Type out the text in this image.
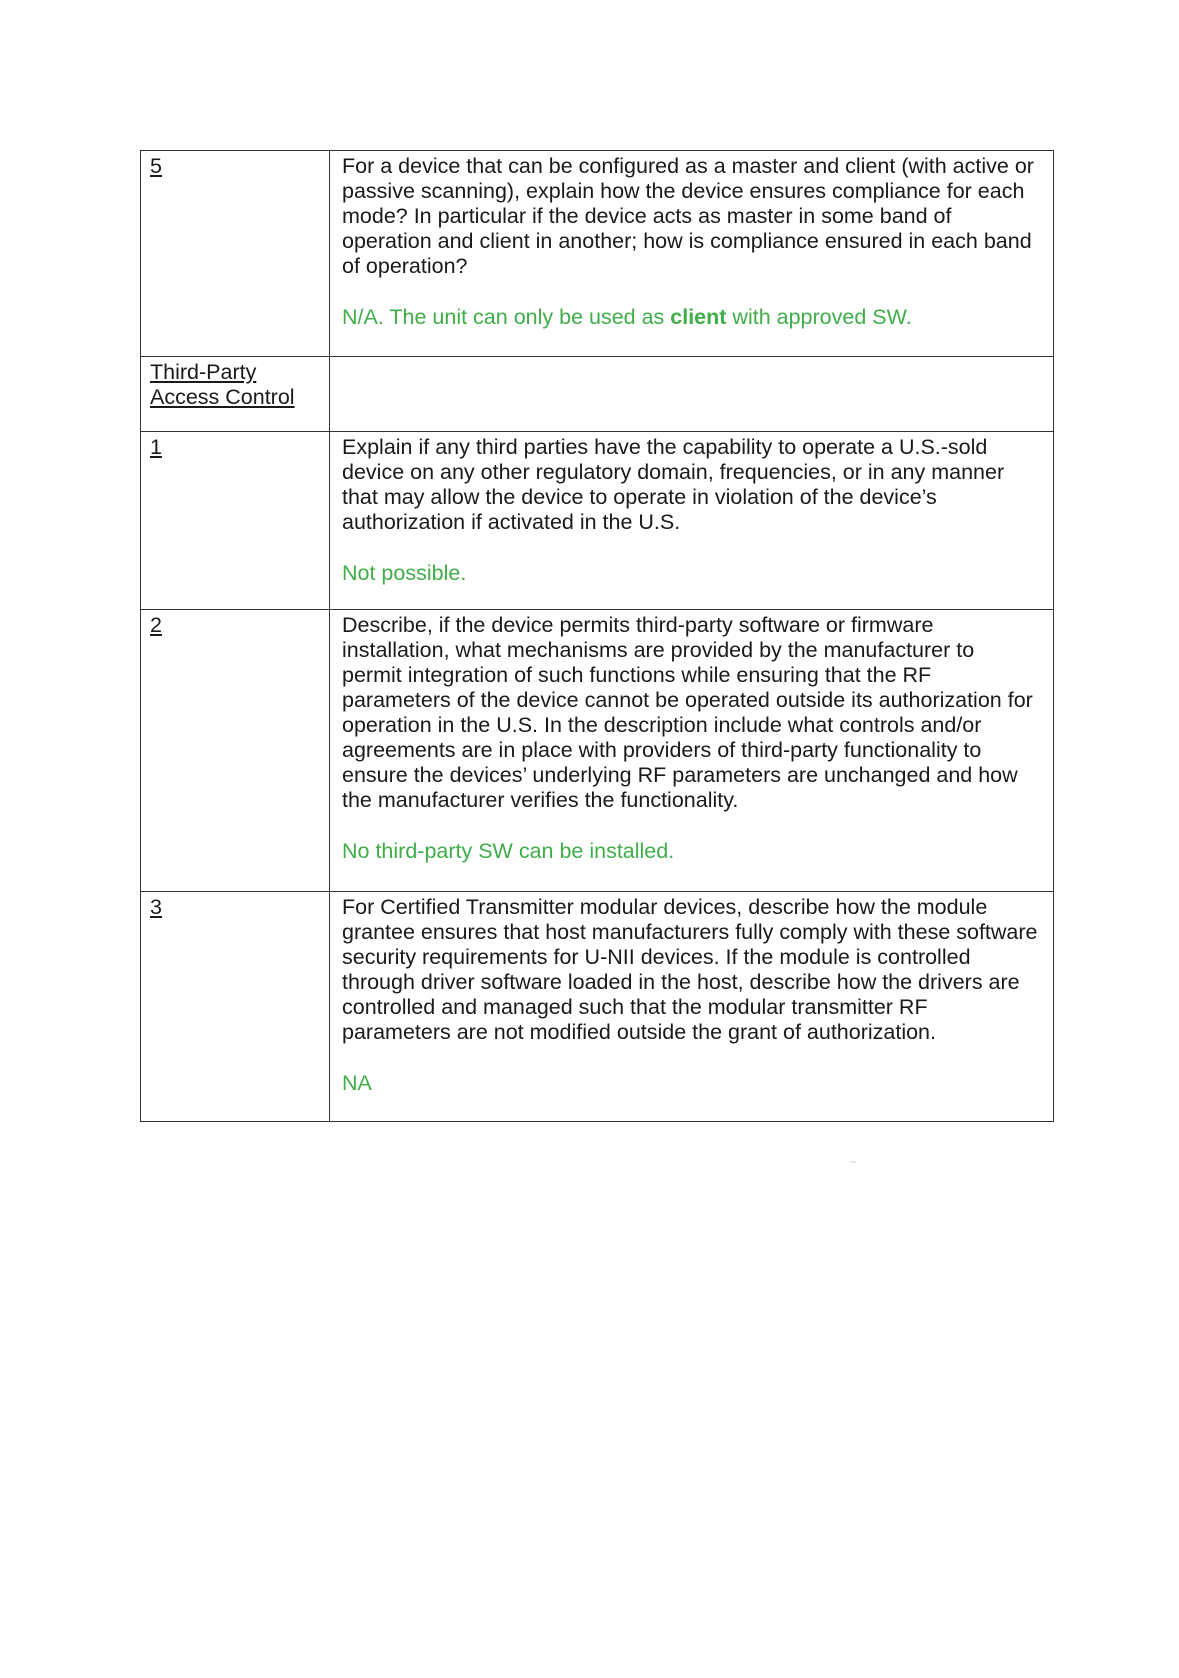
5	For a device that can be configured as a master and client (with active or passive scanning), explain how the device ensures compliance for each mode? In particular if the device acts as master in some band of operation and client in another; how is compliance ensured in each band of operation?

N/A. The unit can only be used as client with approved SW.

Third-Party Access Control	

1	Explain if any third parties have the capability to operate a U.S.-sold device on any other regulatory domain, frequencies, or in any manner that may allow the device to operate in violation of the device’s authorization if activated in the U.S.

Not possible.

2	Describe, if the device permits third-party software or firmware installation, what mechanisms are provided by the manufacturer to permit integration of such functions while ensuring that the RF parameters of the device cannot be operated outside its authorization for operation in the U.S. In the description include what controls and/or agreements are in place with providers of third-party functionality to ensure the devices’ underlying RF parameters are unchanged and how the manufacturer verifies the functionality.

No third-party SW can be installed.

3	For Certified Transmitter modular devices, describe how the module grantee ensures that host manufacturers fully comply with these software security requirements for U-NII devices. If the module is controlled through driver software loaded in the host, describe how the drivers are controlled and managed such that the modular transmitter RF parameters are not modified outside the grant of authorization.

NA
